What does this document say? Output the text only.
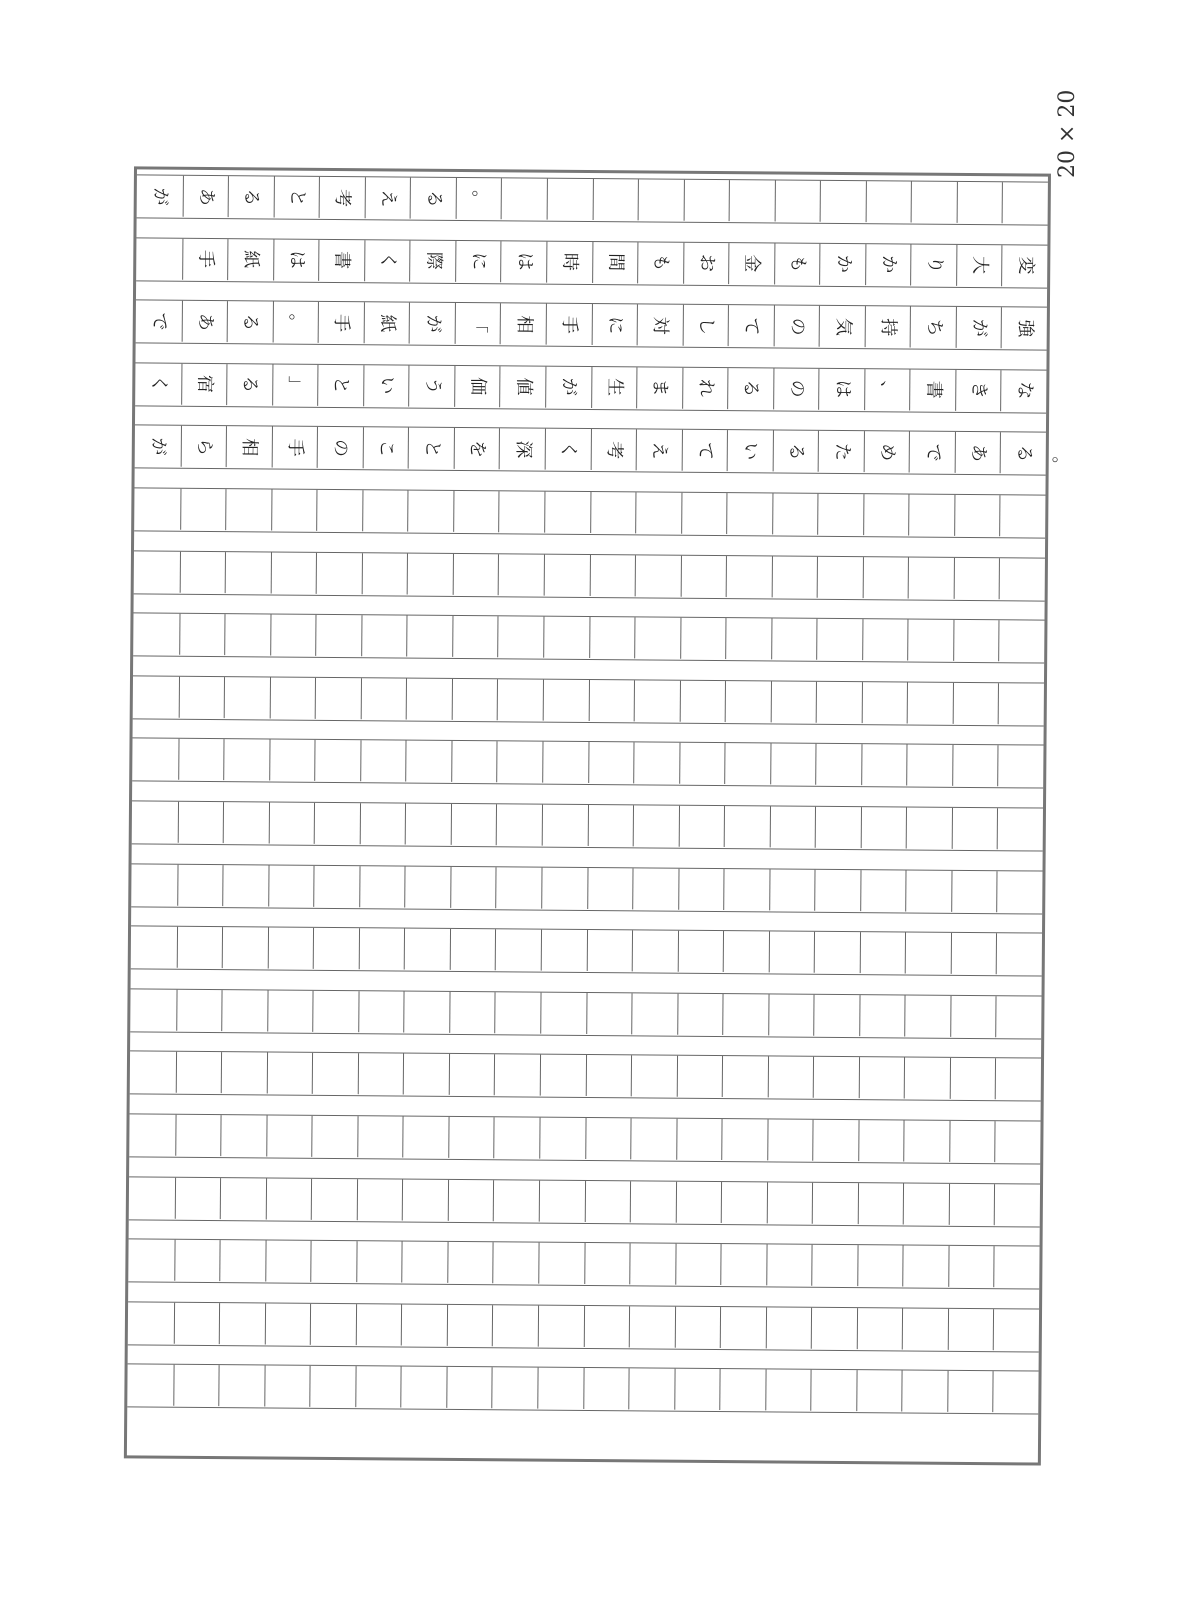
が あ る と 考 え る 。
手 紙 は 書 く 際 に は 時 間 も お 金 も か か り 大 変
で あ る 。 手 紙 が 「 相 手 に 対 し て の 気 持 ち が 強
く 宿 る 」 と い う 価 値 が 生 ま れ る の は 、 書 き な
が ら 相 手 の こ と を 深 く 考 え て い る た め で あ る 。
20 × 20
